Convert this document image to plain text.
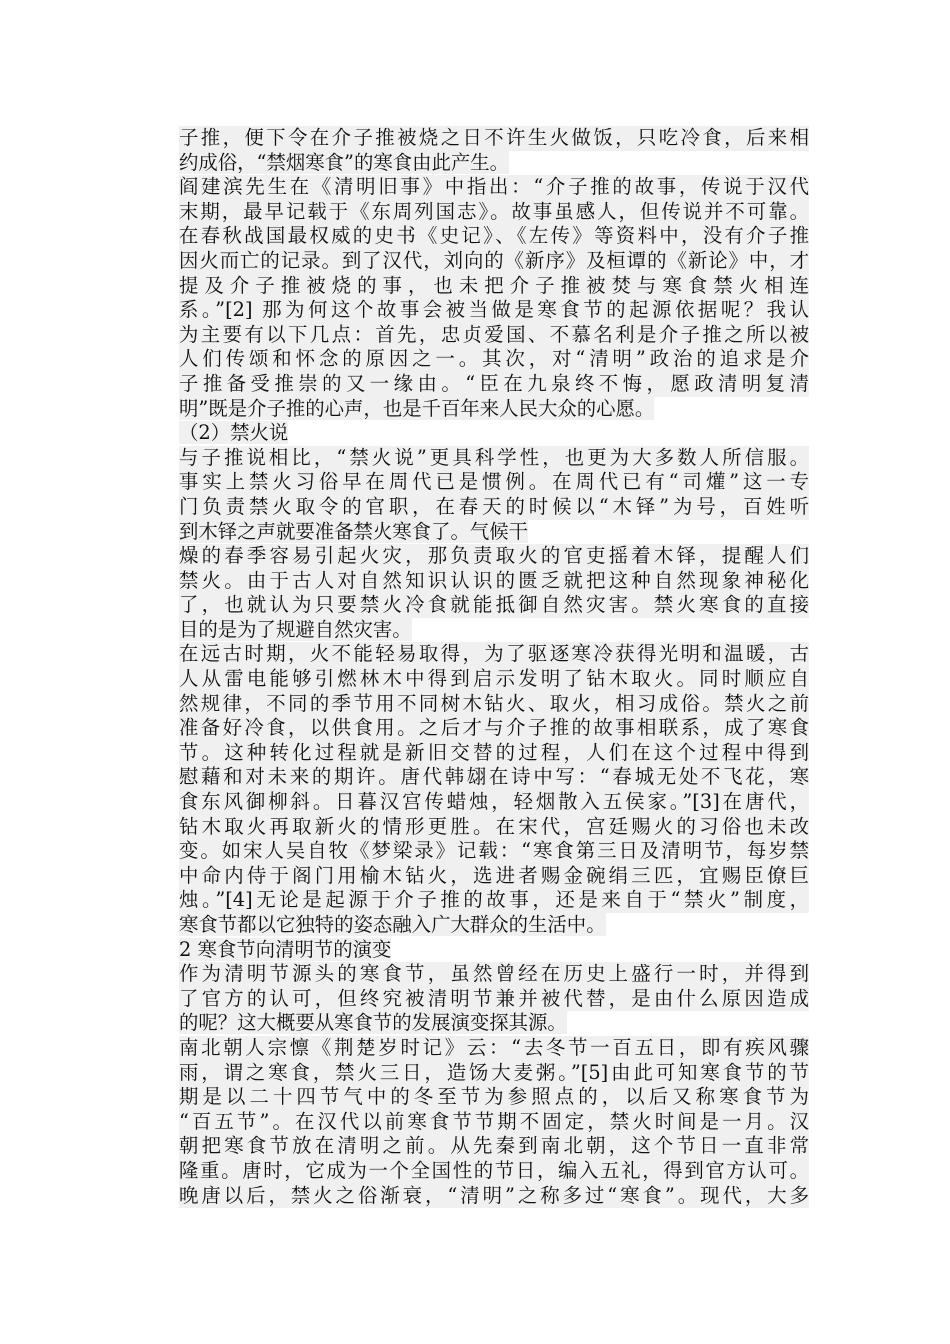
子推，便下令在介子推被烧之日不许生火做饭，只吃冷食，后来相
约成俗，“禁烟寒食”的寒食由此产生。
阎建滨先生在《清明旧事》中指出：“介子推的故事，传说于汉代
末期，最早记载于《东周列国志》。故事虽感人，但传说并不可靠。
在春秋战国最权威的史书《史记》、《左传》等资料中，没有介子推
因火而亡的记录。到了汉代，刘向的《新序》及桓谭的《新论》中，才
提及介子推被烧的事，也未把介子推被焚与寒食禁火相连
系。”[2] 那为何这个故事会被当做是寒食节的起源依据呢？我认
为主要有以下几点：首先，忠贞爱国、不慕名利是介子推之所以被
人们传颂和怀念的原因之一。其次，对“清明”政治的追求是介
子推备受推崇的又一缘由。“臣在九泉终不悔，愿政清明复清
明”既是介子推的心声，也是千百年来人民大众的心愿。
（2）禁火说
与子推说相比，“禁火说”更具科学性，也更为大多数人所信服。
事实上禁火习俗早在周代已是惯例。在周代已有“司爟”这一专
门负责禁火取令的官职，在春天的时候以“木铎”为号，百姓听
到木铎之声就要准备禁火寒食了。气候干
燥的春季容易引起火灾，那负责取火的官吏摇着木铎，提醒人们
禁火。由于古人对自然知识认识的匮乏就把这种自然现象神秘化
了，也就认为只要禁火冷食就能抵御自然灾害。禁火寒食的直接
目的是为了规避自然灾害。
在远古时期，火不能轻易取得，为了驱逐寒冷获得光明和温暖，古
人从雷电能够引燃林木中得到启示发明了钻木取火。同时顺应自
然规律，不同的季节用不同树木钻火、取火，相习成俗。禁火之前
准备好冷食，以供食用。之后才与介子推的故事相联系，成了寒食
节。这种转化过程就是新旧交替的过程，人们在这个过程中得到
慰藉和对未来的期许。唐代韩翃在诗中写：“春城无处不飞花，寒
食东风御柳斜。日暮汉宫传蜡烛，轻烟散入五侯家。”[3]在唐代，
钻木取火再取新火的情形更胜。在宋代，宫廷赐火的习俗也未改
变。如宋人吴自牧《梦梁录》记载：“寒食第三日及清明节，每岁禁
中命内侍于阁门用榆木钻火，选进者赐金碗绢三匹，宜赐臣僚巨
烛。”[4]无论是起源于介子推的故事，还是来自于“禁火”制度，
寒食节都以它独特的姿态融入广大群众的生活中。
2 寒食节向清明节的演变
作为清明节源头的寒食节，虽然曾经在历史上盛行一时，并得到
了官方的认可，但终究被清明节兼并被代替，是由什么原因造成
的呢？这大概要从寒食节的发展演变探其源。
南北朝人宗懔《荆楚岁时记》云：“去冬节一百五日，即有疾风骤
雨，谓之寒食，禁火三日，造饧大麦粥。”[5]由此可知寒食节的节
期是以二十四节气中的冬至节为参照点的，以后又称寒食节为
“百五节”。在汉代以前寒食节节期不固定，禁火时间是一月。汉
朝把寒食节放在清明之前。从先秦到南北朝，这个节日一直非常
隆重。唐时，它成为一个全国性的节日，编入五礼，得到官方认可。
晚唐以后，禁火之俗渐衰，“清明”之称多过“寒食”。现代，大多
